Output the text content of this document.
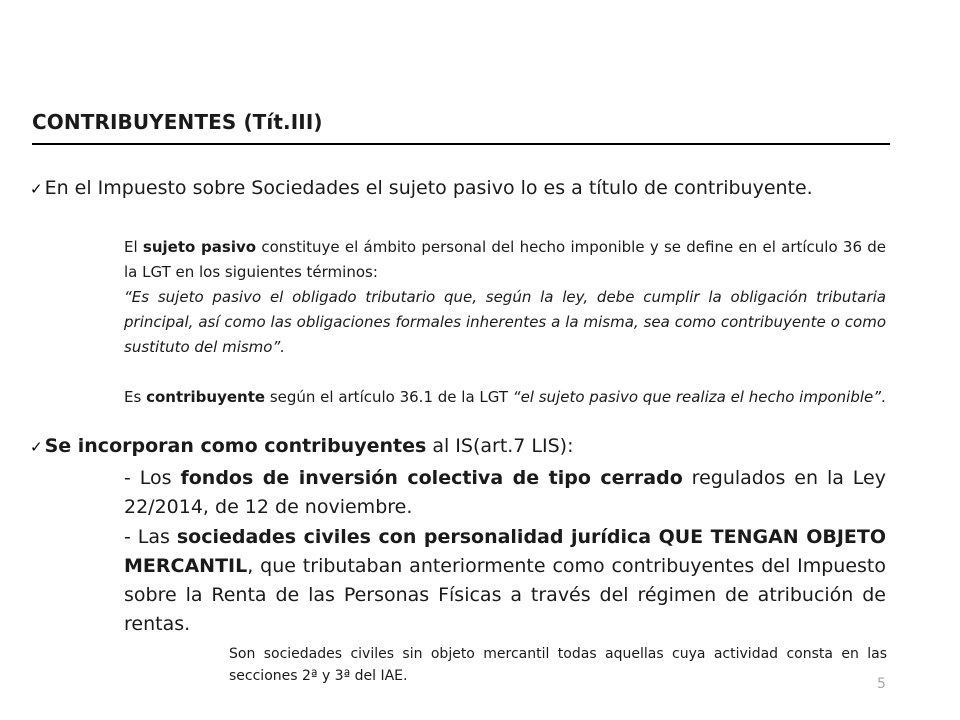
CONTRIBUYENTES (Tít.III)
✓ En el Impuesto sobre Sociedades el sujeto pasivo lo es a título de contribuyente.
El sujeto pasivo constituye el ámbito personal del hecho imponible y se define en el artículo 36 de la LGT en los siguientes términos:
“Es sujeto pasivo el obligado tributario que, según la ley, debe cumplir la obligación tributaria principal, así como las obligaciones formales inherentes a la misma, sea como contribuyente o como sustituto del mismo”.
Es contribuyente según el artículo 36.1 de la LGT “el sujeto pasivo que realiza el hecho imponible”.
✓ Se incorporan como contribuyentes al IS(art.7 LIS):
- Los fondos de inversión colectiva de tipo cerrado regulados en la Ley 22/2014, de 12 de noviembre.
- Las sociedades civiles con personalidad jurídica QUE TENGAN OBJETO MERCANTIL, que tributaban anteriormente como contribuyentes del Impuesto sobre la Renta de las Personas Físicas a través del régimen de atribución de rentas.
Son sociedades civiles sin objeto mercantil todas aquellas cuya actividad consta en las secciones 2ª y 3ª del IAE.	5
